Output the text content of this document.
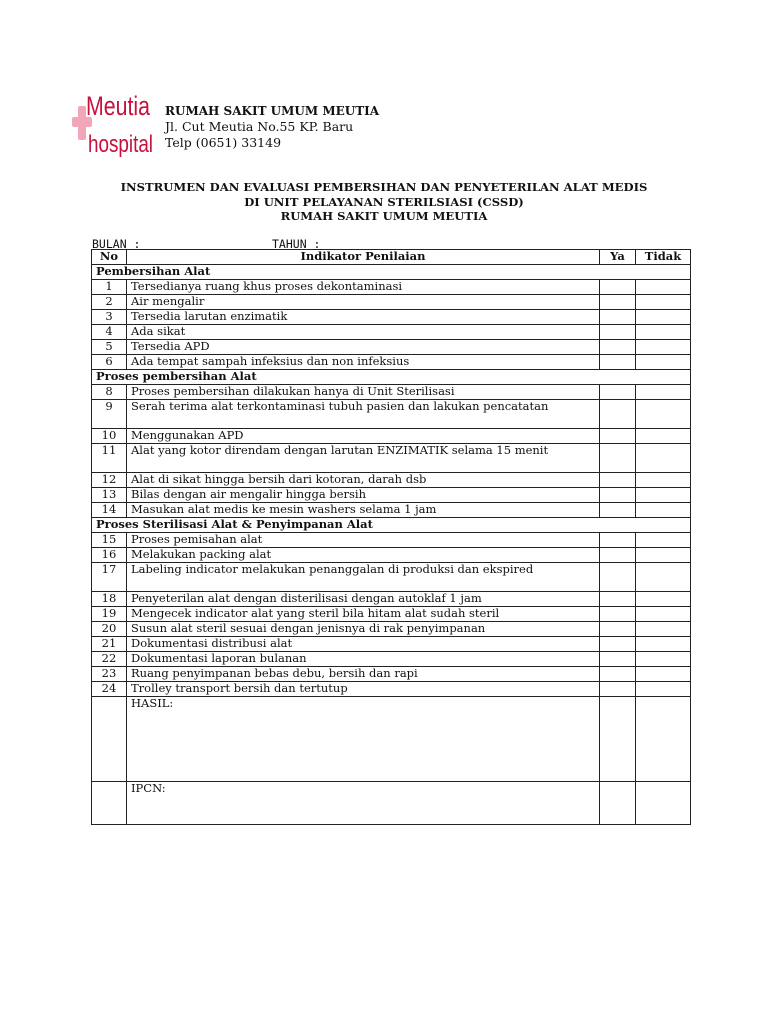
Meutia
hospital
RUMAH SAKIT UMUM MEUTIA
Jl. Cut Meutia No.55 KP. Baru
Telp (0651) 33149
INSTRUMEN DAN EVALUASI PEMBERSIHAN DAN PENYETERILAN ALAT MEDIS
DI UNIT PELAYANAN STERILSIASI (CSSD)
RUMAH SAKIT UMUM MEUTIA
BULAN :	TAHUN :
No	Indikator Penilaian	Ya	Tidak
Pembersihan Alat			
1	Tersedianya ruang khus proses dekontaminasi		
2	Air mengalir		
3	Tersedia larutan enzimatik		
4	Ada sikat		
5	Tersedia APD		
6	Ada tempat sampah infeksius dan non infeksius		
Proses pembersihan Alat			
8	Proses pembersihan dilakukan hanya di Unit Sterilisasi		
9	Serah terima alat terkontaminasi tubuh pasien dan lakukan pencatatan		
10	Menggunakan APD		
11	Alat yang kotor direndam dengan larutan ENZIMATIK selama 15 menit		
12	Alat di sikat hingga bersih dari kotoran, darah dsb		
13	Bilas dengan air mengalir hingga bersih		
14	Masukan alat medis ke mesin washers selama 1 jam		
Proses Sterilisasi Alat & Penyimpanan Alat			
15	Proses pemisahan alat		
16	Melakukan packing alat		
17	Labeling indicator melakukan penanggalan di produksi dan ekspired		
18	Penyeterilan alat dengan disterilisasi dengan autoklaf 1 jam		
19	Mengecek indicator alat yang steril bila hitam alat sudah steril		
20	Susun alat steril sesuai dengan jenisnya di rak penyimpanan		
21	Dokumentasi distribusi alat		
22	Dokumentasi laporan bulanan		
23	Ruang penyimpanan bebas debu, bersih dan rapi		
24	Trolley transport bersih dan tertutup		
	HASIL:		
	IPCN:		
